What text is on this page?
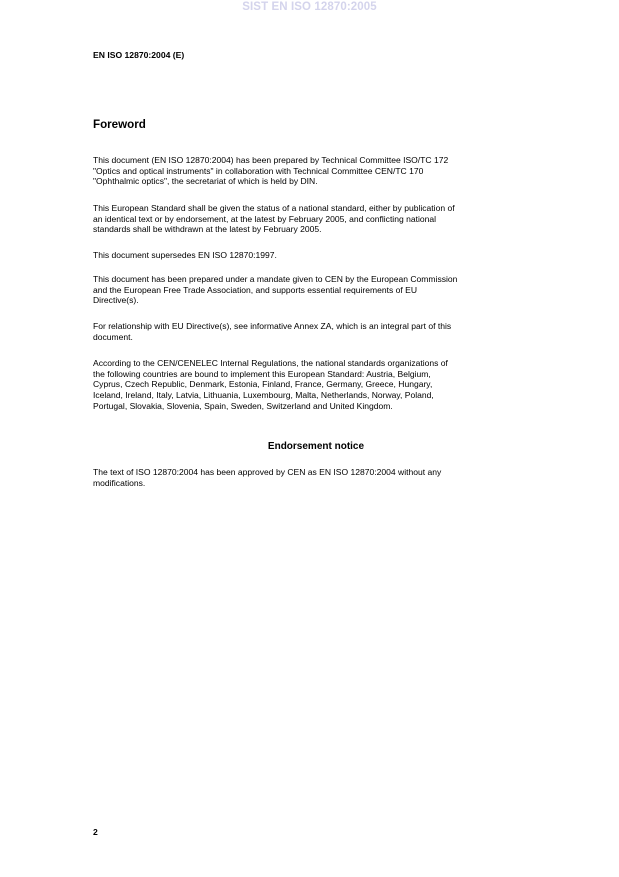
SIST EN ISO 12870:2005
EN ISO 12870:2004 (E)
Foreword

This document (EN ISO 12870:2004) has been prepared by Technical Committee ISO/TC 172

"Optics and optical instruments" in collaboration with Technical Committee CEN/TC 170

"Ophthalmic optics", the secretariat of which is held by DIN.

This European Standard shall be given the status of a national standard, either by publication of

an identical text or by endorsement, at the latest by February 2005, and conflicting national

standards shall be withdrawn at the latest by February 2005.

This document supersedes EN ISO 12870:1997.

This document has been prepared under a mandate given to CEN by the European Commission

and the European Free Trade Association, and supports essential requirements of EU

Directive(s).

For relationship with EU Directive(s), see informative Annex ZA, which is an integral part of this

document.

According to the CEN/CENELEC Internal Regulations, the national standards organizations of

the following countries are bound to implement this European Standard: Austria, Belgium,

Cyprus, Czech Republic, Denmark, Estonia, Finland, France, Germany, Greece, Hungary,

Iceland, Ireland, Italy, Latvia, Lithuania, Luxembourg, Malta, Netherlands, Norway, Poland,

Portugal, Slovakia, Slovenia, Spain, Sweden, Switzerland and United Kingdom.

Endorsement notice

The text of ISO 12870:2004 has been approved by CEN as EN ISO 12870:2004 without any

modifications.

2
